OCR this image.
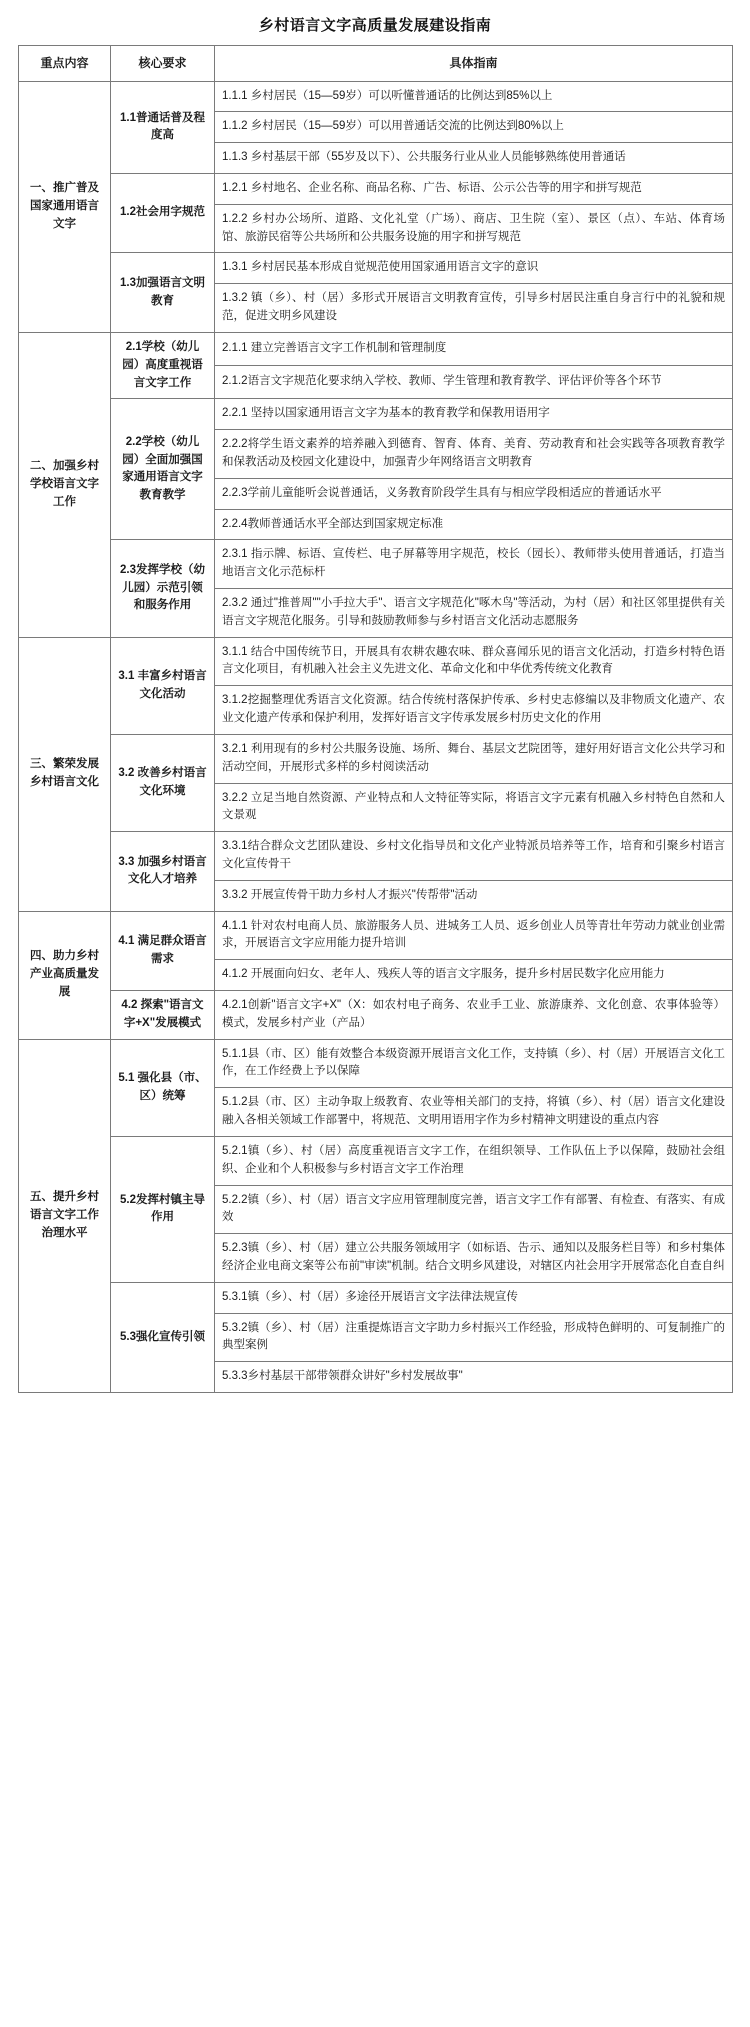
乡村语言文字高质量发展建设指南
重点内容	核心要求	具体指南
一、推广普及国家通用语言文字	1.1普通话普及程度高	1.1.1 乡村居民（15—59岁）可以听懂普通话的比例达到85%以上
		1.1.2 乡村居民（15—59岁）可以用普通话交流的比例达到80%以上
		1.1.3 乡村基层干部（55岁及以下）、公共服务行业从业人员能够熟练使用普通话
	1.2社会用字规范	1.2.1 乡村地名、企业名称、商品名称、广告、标语、公示公告等的用字和拼写规范
		1.2.2 乡村办公场所、道路、文化礼堂（广场）、商店、卫生院（室）、景区（点）、车站、体育场馆、旅游民宿等公共场所和公共服务设施的用字和拼写规范
	1.3加强语言文明教育	1.3.1 乡村居民基本形成自觉规范使用国家通用语言文字的意识
		1.3.2 镇（乡）、村（居）多形式开展语言文明教育宣传，引导乡村居民注重自身言行中的礼貌和规范，促进文明乡风建设
二、加强乡村学校语言文字工作	2.1学校（幼儿园）高度重视语言文字工作	2.1.1 建立完善语言文字工作机制和管理制度
		2.1.2语言文字规范化要求纳入学校、教师、学生管理和教育教学、评估评价等各个环节
	2.2学校（幼儿园）全面加强国家通用语言文字教育教学	2.2.1 坚持以国家通用语言文字为基本的教育教学和保教用语用字
		2.2.2将学生语文素养的培养融入到德育、智育、体育、美育、劳动教育和社会实践等各项教育教学和保教活动及校园文化建设中，加强青少年网络语言文明教育
		2.2.3学前儿童能听会说普通话，义务教育阶段学生具有与相应学段相适应的普通话水平
		2.2.4教师普通话水平全部达到国家规定标准
	2.3发挥学校（幼儿园）示范引领和服务作用	2.3.1 指示牌、标语、宣传栏、电子屏幕等用字规范，校长（园长）、教师带头使用普通话，打造当地语言文化示范标杆
		2.3.2 通过"推普周""小手拉大手"、语言文字规范化"啄木鸟"等活动，为村（居）和社区邻里提供有关语言文字规范化服务。引导和鼓励教师参与乡村语言文化活动志愿服务
三、繁荣发展乡村语言文化	3.1 丰富乡村语言文化活动	3.1.1 结合中国传统节日，开展具有农耕农趣农味、群众喜闻乐见的语言文化活动，打造乡村特色语言文化项目，有机融入社会主义先进文化、革命文化和中华优秀传统文化教育
		3.1.2挖掘整理优秀语言文化资源。结合传统村落保护传承、乡村史志修编以及非物质文化遗产、农业文化遗产传承和保护利用，发挥好语言文字传承发展乡村历史文化的作用
	3.2 改善乡村语言文化环境	3.2.1 利用现有的乡村公共服务设施、场所、舞台、基层文艺院团等，建好用好语言文化公共学习和活动空间，开展形式多样的乡村阅读活动
		3.2.2 立足当地自然资源、产业特点和人文特征等实际，将语言文字元素有机融入乡村特色自然和人文景观
	3.3 加强乡村语言文化人才培养	3.3.1结合群众文艺团队建设、乡村文化指导员和文化产业特派员培养等工作，培育和引聚乡村语言文化宣传骨干
		3.3.2 开展宣传骨干助力乡村人才振兴"传帮带"活动
四、助力乡村产业高质量发展	4.1 满足群众语言需求	4.1.1 针对农村电商人员、旅游服务人员、进城务工人员、返乡创业人员等青壮年劳动力就业创业需求，开展语言文字应用能力提升培训
		4.1.2 开展面向妇女、老年人、残疾人等的语言文字服务，提升乡村居民数字化应用能力
	4.2 探索"语言文字+X"发展模式	4.2.1创新"语言文字+X"（X：如农村电子商务、农业手工业、旅游康养、文化创意、农事体验等）模式，发展乡村产业（产品）
五、提升乡村语言文字工作治理水平	5.1 强化县（市、区）统筹	5.1.1县（市、区）能有效整合本级资源开展语言文化工作，支持镇（乡）、村（居）开展语言文化工作，在工作经费上予以保障
		5.1.2县（市、区）主动争取上级教育、农业等相关部门的支持，将镇（乡）、村（居）语言文化建设融入各相关领域工作部署中，将规范、文明用语用字作为乡村精神文明建设的重点内容
	5.2发挥村镇主导作用	5.2.1镇（乡）、村（居）高度重视语言文字工作，在组织领导、工作队伍上予以保障，鼓励社会组织、企业和个人积极参与乡村语言文字工作治理
		5.2.2镇（乡）、村（居）语言文字应用管理制度完善，语言文字工作有部署、有检查、有落实、有成效
		5.2.3镇（乡）、村（居）建立公共服务领域用字（如标语、告示、通知以及服务栏目等）和乡村集体经济企业电商文案等公布前"审读"机制。结合文明乡风建设，对辖区内社会用字开展常态化自查自纠
	5.3强化宣传引领	5.3.1镇（乡）、村（居）多途径开展语言文字法律法规宣传
		5.3.2镇（乡）、村（居）注重提炼语言文字助力乡村振兴工作经验，形成特色鲜明的、可复制推广的典型案例
		5.3.3乡村基层干部带领群众讲好"乡村发展故事"
